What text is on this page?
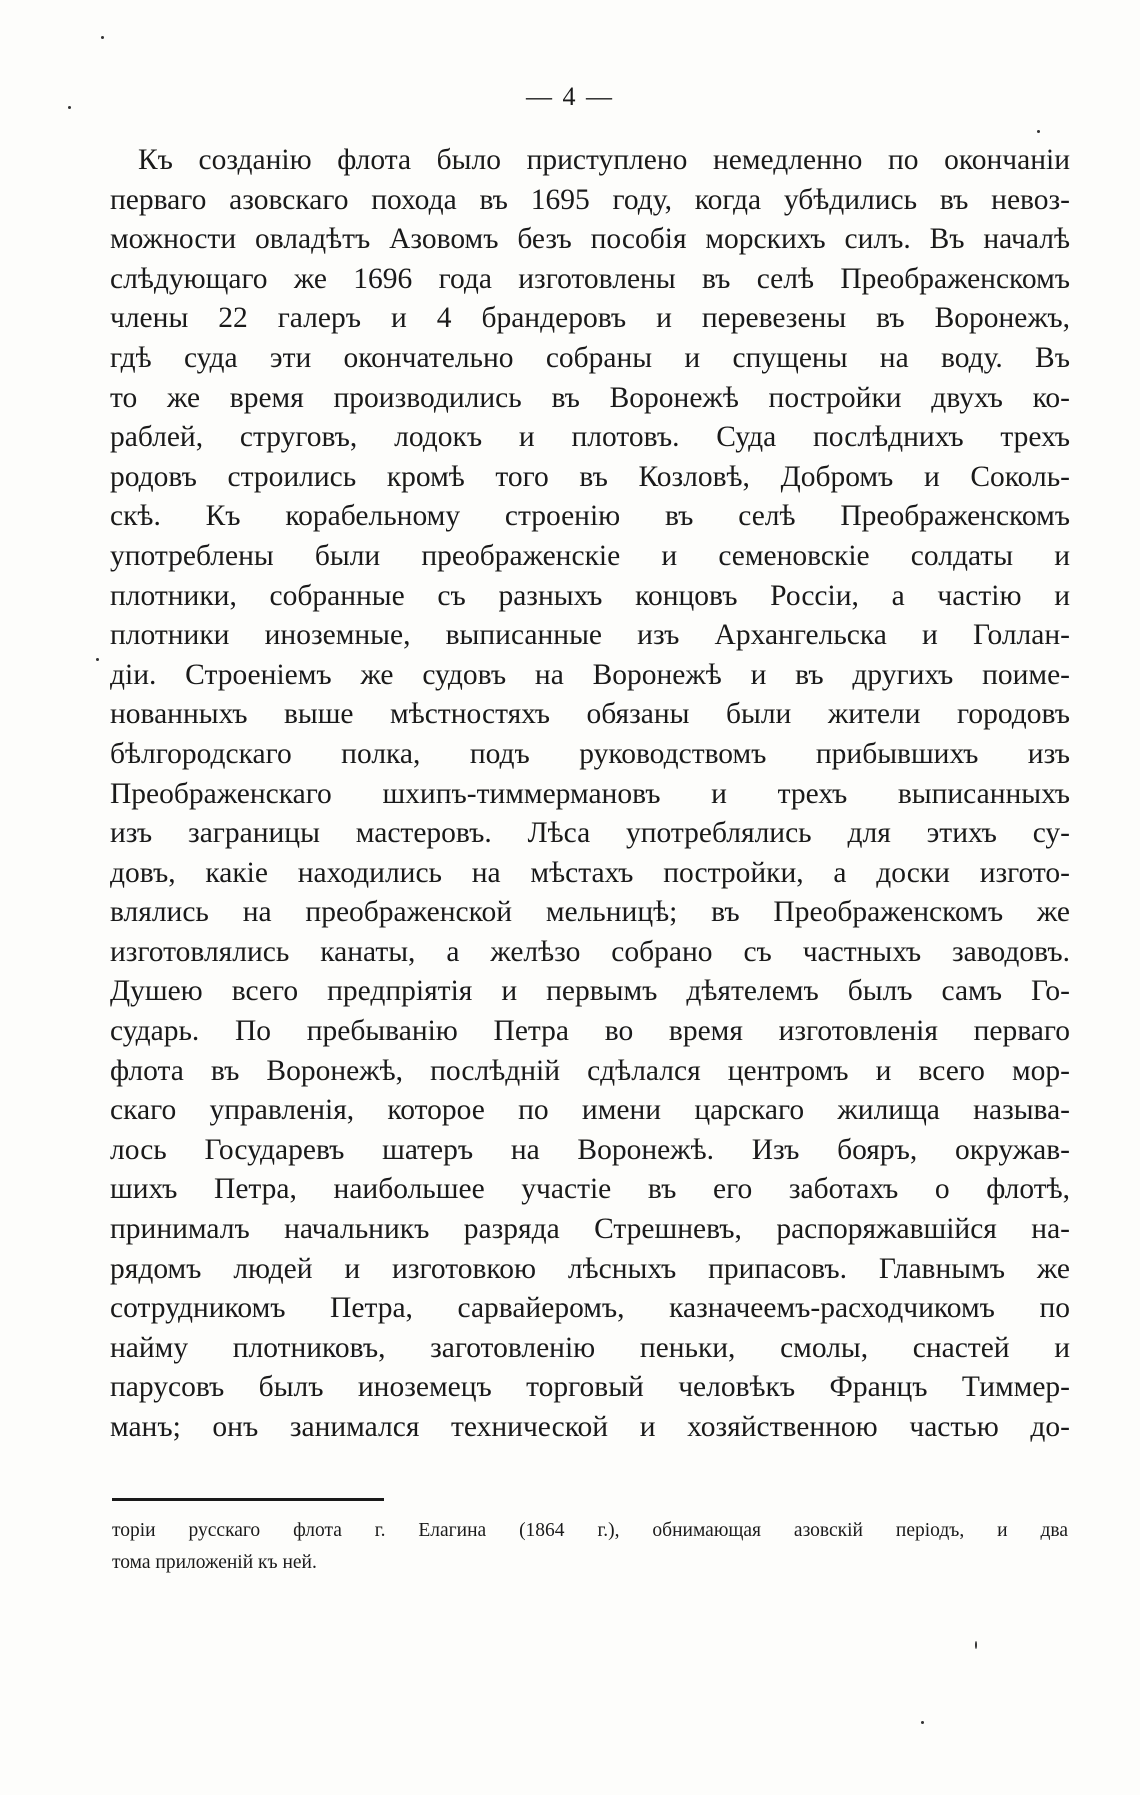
— 4 —
Къ созданію флота было приступлено немедленно по окончаніи
перваго азовскаго похода въ 1695 году, когда убѣдились въ невоз-
можности овладѣтъ Азовомъ безъ пособія морскихъ силъ. Въ началѣ
слѣдующаго же 1696 года изготовлены въ селѣ Преображенскомъ
члены 22 галеръ и 4 брандеровъ и перевезены въ Воронежъ,
гдѣ суда эти окончательно собраны и спущены на воду. Въ
то же время производились въ Воронежѣ постройки двухъ ко-
раблей, струговъ, лодокъ и плотовъ. Суда послѣднихъ трехъ
родовъ строились кромѣ того въ Козловѣ, Добромъ и Соколь-
скѣ. Къ корабельному строенію въ селѣ Преображенскомъ
употреблены были преображенскіе и семеновскіе солдаты и
плотники, собранные съ разныхъ концовъ Россіи, а частію и
плотники иноземные, выписанные изъ Архангельска и Голлан-
діи. Строеніемъ же судовъ на Воронежѣ и въ другихъ поиме-
нованныхъ выше мѣстностяхъ обязаны были жители городовъ
бѣлгородскаго полка, подъ руководствомъ прибывшихъ изъ
Преображенскаго шхипъ-тиммермановъ и трехъ выписанныхъ
изъ заграницы мастеровъ. Лѣса употреблялись для этихъ су-
довъ, какіе находились на мѣстахъ постройки, а доски изгото-
влялись на преображенской мельницѣ; въ Преображенскомъ же
изготовлялись канаты, а желѣзо собрано съ частныхъ заводовъ.
Душею всего предпріятія и первымъ дѣятелемъ былъ самъ Го-
сударь. По пребыванію Петра во время изготовленія перваго
флота въ Воронежѣ, послѣдній сдѣлался центромъ и всего мор-
скаго управленія, которое по имени царскаго жилища называ-
лось Государевъ шатеръ на Воронежѣ. Изъ бояръ, окружав-
шихъ Петра, наибольшее участіе въ его заботахъ о флотѣ,
принималъ начальникъ разряда Стрешневъ, распоряжавшійся на-
рядомъ людей и изготовкою лѣсныхъ припасовъ. Главнымъ же
сотрудникомъ Петра, сарвайеромъ, казначеемъ-расходчикомъ по
найму плотниковъ, заготовленію пеньки, смолы, снастей и
парусовъ былъ иноземецъ торговый человѣкъ Францъ Тиммер-
манъ; онъ занимался технической и хозяйственною частью до-
торіи русскаго флота г. Елагина (1864 г.), обнимающая азовскій періодъ, и два
тома приложеній къ ней.
